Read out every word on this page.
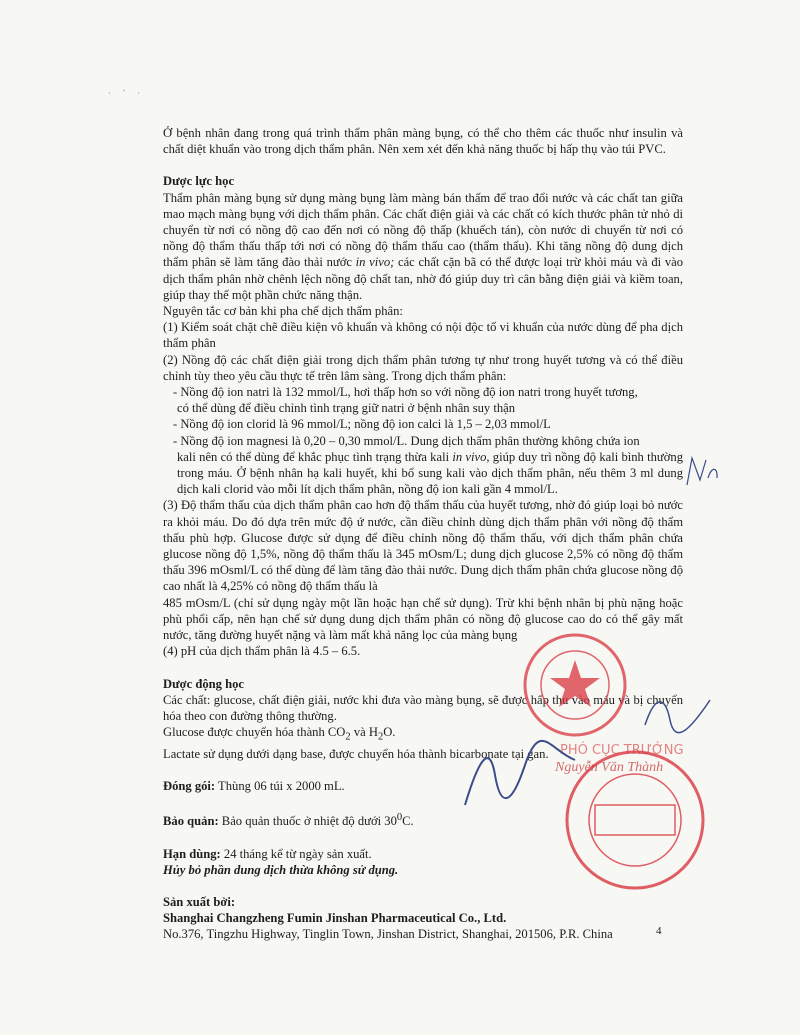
· ' ·

Ở bệnh nhân đang trong quá trình thẩm phân màng bụng, có thể cho thêm các thuốc như insulin và chất diệt khuẩn vào trong dịch thẩm phân. Nên xem xét đến khả năng thuốc bị hấp thụ vào túi PVC.

Dược lực học

Thẩm phân màng bụng sử dụng màng bụng làm màng bán thấm để trao đổi nước và các chất tan giữa mao mạch màng bụng với dịch thẩm phân. Các chất điện giải và các chất có kích thước phân tử nhỏ di chuyển từ nơi có nồng độ cao đến nơi có nồng độ thấp (khuếch tán), còn nước di chuyển từ nơi có nồng độ thẩm thấu thấp tới nơi có nồng độ thẩm thấu cao (thẩm thấu). Khi tăng nồng độ dung dịch thẩm phân sẽ làm tăng đào thải nước in vivo; các chất cặn bã có thể được loại trừ khỏi máu và đi vào dịch thẩm phân nhờ chênh lệch nồng độ chất tan, nhờ đó giúp duy trì cân bằng điện giải và kiềm toan, giúp thay thế một phần chức năng thận.

Nguyên tắc cơ bản khi pha chế dịch thẩm phân:

(1) Kiểm soát chặt chẽ điều kiện vô khuẩn và không có nội độc tố vi khuẩn của nước dùng để pha dịch thẩm phân

(2) Nồng độ các chất điện giải trong dịch thẩm phân tương tự như trong huyết tương và có thể điều chỉnh tùy theo yêu cầu thực tế trên lâm sàng. Trong dịch thẩm phân:

- Nồng độ ion natri là 132 mmol/L, hơi thấp hơn so với nồng độ ion natri trong huyết tương,

có thể dùng để điều chỉnh tình trạng giữ natri ở bệnh nhân suy thận

- Nồng độ ion clorid là 96 mmol/L; nồng độ ion calci là 1,5 – 2,03 mmol/L

- Nồng độ ion magnesi là 0,20 – 0,30 mmol/L. Dung dịch thẩm phân thường không chứa ion

kali nên có thể dùng để khắc phục tình trạng thừa kali in vivo, giúp duy trì nồng độ kali bình thường trong máu. Ở bệnh nhân hạ kali huyết, khi bổ sung kali vào dịch thẩm phân, nếu thêm 3 ml dung dịch kali clorid vào mỗi lít dịch thẩm phân, nồng độ ion kali gần 4 mmol/L.

(3) Độ thẩm thấu của dịch thẩm phân cao hơn độ thẩm thấu của huyết tương, nhờ đó giúp loại bỏ nước ra khỏi máu. Do đó dựa trên mức độ ứ nước, cần điều chỉnh dùng dịch thẩm phân với nồng độ thẩm thấu phù hợp. Glucose được sử dụng để điều chỉnh nồng độ thẩm thấu, với dịch thẩm phân chứa glucose nồng độ 1,5%, nồng độ thẩm thấu là 345 mOsm/L; dung dịch glucose 2,5% có nồng độ thẩm thấu 396 mOsml/L có thể dùng để làm tăng đào thải nước. Dung dịch thẩm phân chứa glucose nồng độ cao nhất là 4,25% có nồng độ thẩm thấu là

485 mOsm/L (chỉ sử dụng ngày một lần hoặc hạn chế sử dụng). Trừ khi bệnh nhân bị phù nặng hoặc phù phổi cấp, nên hạn chế sử dụng dung dịch thẩm phân có nồng độ glucose cao do có thể gây mất nước, tăng đường huyết nặng và làm mất khả năng lọc của màng bụng

(4) pH của dịch thẩm phân là 4.5 – 6.5.

Dược động học

Các chất: glucose, chất điện giải, nước khi đưa vào màng bụng, sẽ được hấp thu vào máu và bị chuyển hóa theo con đường thông thường.

Glucose được chuyển hóa thành $CO_2$ và $H_2O$.

Lactate sử dụng dưới dạng base, được chuyển hóa thành bicarbonate tại gan.

Đóng gói: Thùng 06 túi x 2000 mL.

Bảo quản: Bảo quản thuốc ở nhiệt độ dưới $30^0C$.

Hạn dùng: 24 tháng kể từ ngày sản xuất.

Hủy bỏ phần dung dịch thừa không sử dụng.

Sản xuất bởi:

Shanghai Changzheng Fumin Jinshan Pharmaceutical Co., Ltd.

No.376, Tingzhu Highway, Tinglin Town, Jinshan District, Shanghai, 201506, P.R. China

PHÓ CỤC TRƯỞNG
Nguyễn Văn Thành
4
